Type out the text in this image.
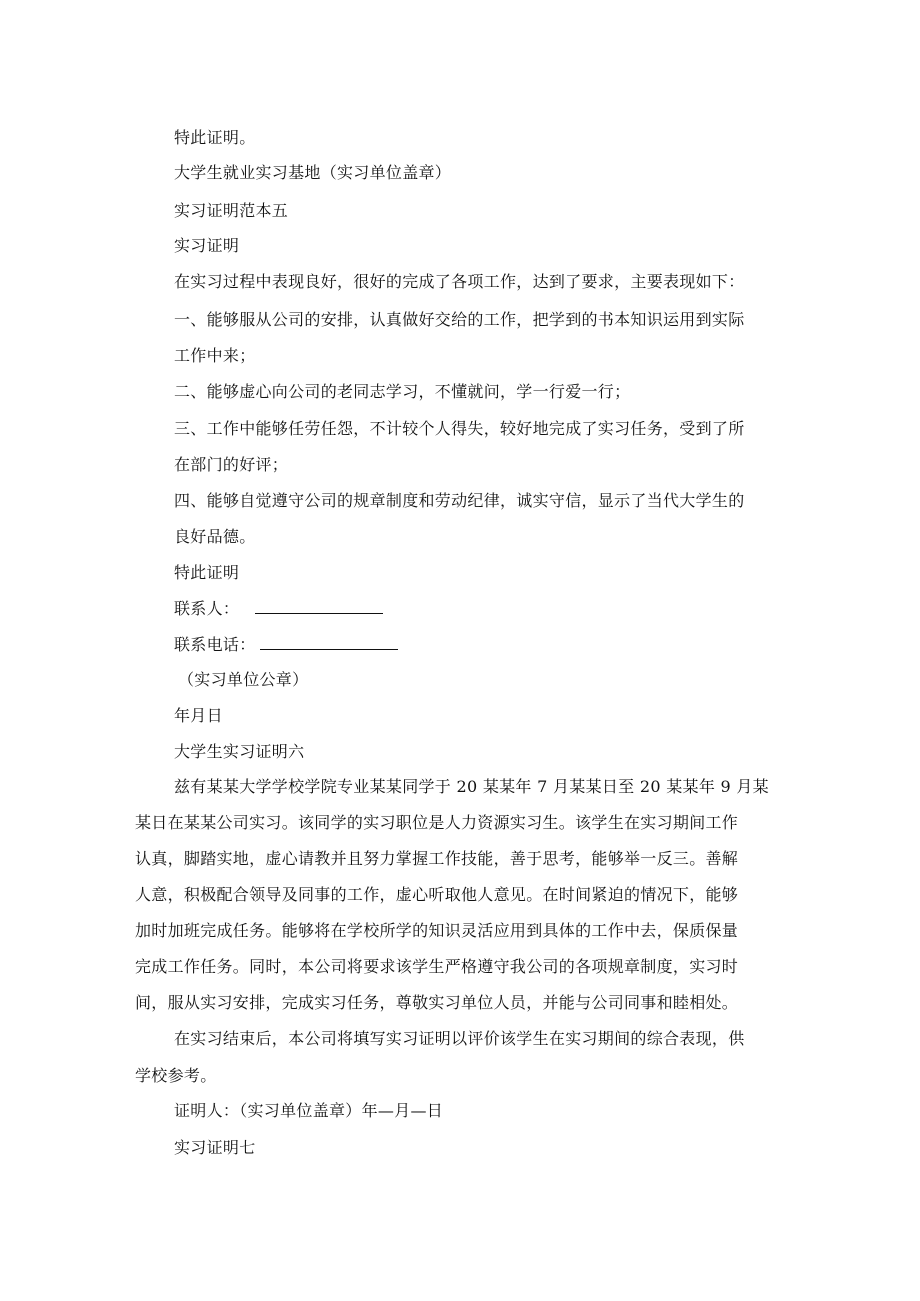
特此证明。
大学生就业实习基地（实习单位盖章）
实习证明范本五
实习证明
在实习过程中表现良好，很好的完成了各项工作，达到了要求，主要表现如下：
一、能够服从公司的安排，认真做好交给的工作，把学到的书本知识运用到实际
工作中来；
二、能够虚心向公司的老同志学习，不懂就问，学一行爱一行；
三、工作中能够任劳任怨，不计较个人得失，较好地完成了实习任务，受到了所
在部门的好评；
四、能够自觉遵守公司的规章制度和劳动纪律，诚实守信，显示了当代大学生的
良好品德。
特此证明
联系人：
联系电话：
（实习单位公章）
年月日
大学生实习证明六
兹有某某大学学校学院专业某某同学于 20 某某年 7 月某某日至 20 某某年 9 月某
某日在某某公司实习。该同学的实习职位是人力资源实习生。该学生在实习期间工作
认真，脚踏实地，虚心请教并且努力掌握工作技能，善于思考，能够举一反三。善解
人意，积极配合领导及同事的工作，虚心听取他人意见。在时间紧迫的情况下，能够
加时加班完成任务。能够将在学校所学的知识灵活应用到具体的工作中去，保质保量
完成工作任务。同时，本公司将要求该学生严格遵守我公司的各项规章制度，实习时
间，服从实习安排，完成实习任务，尊敬实习单位人员，并能与公司同事和睦相处。
在实习结束后，本公司将填写实习证明以评价该学生在实习期间的综合表现，供
学校参考。
证明人：（实习单位盖章）年—月—日
实习证明七
